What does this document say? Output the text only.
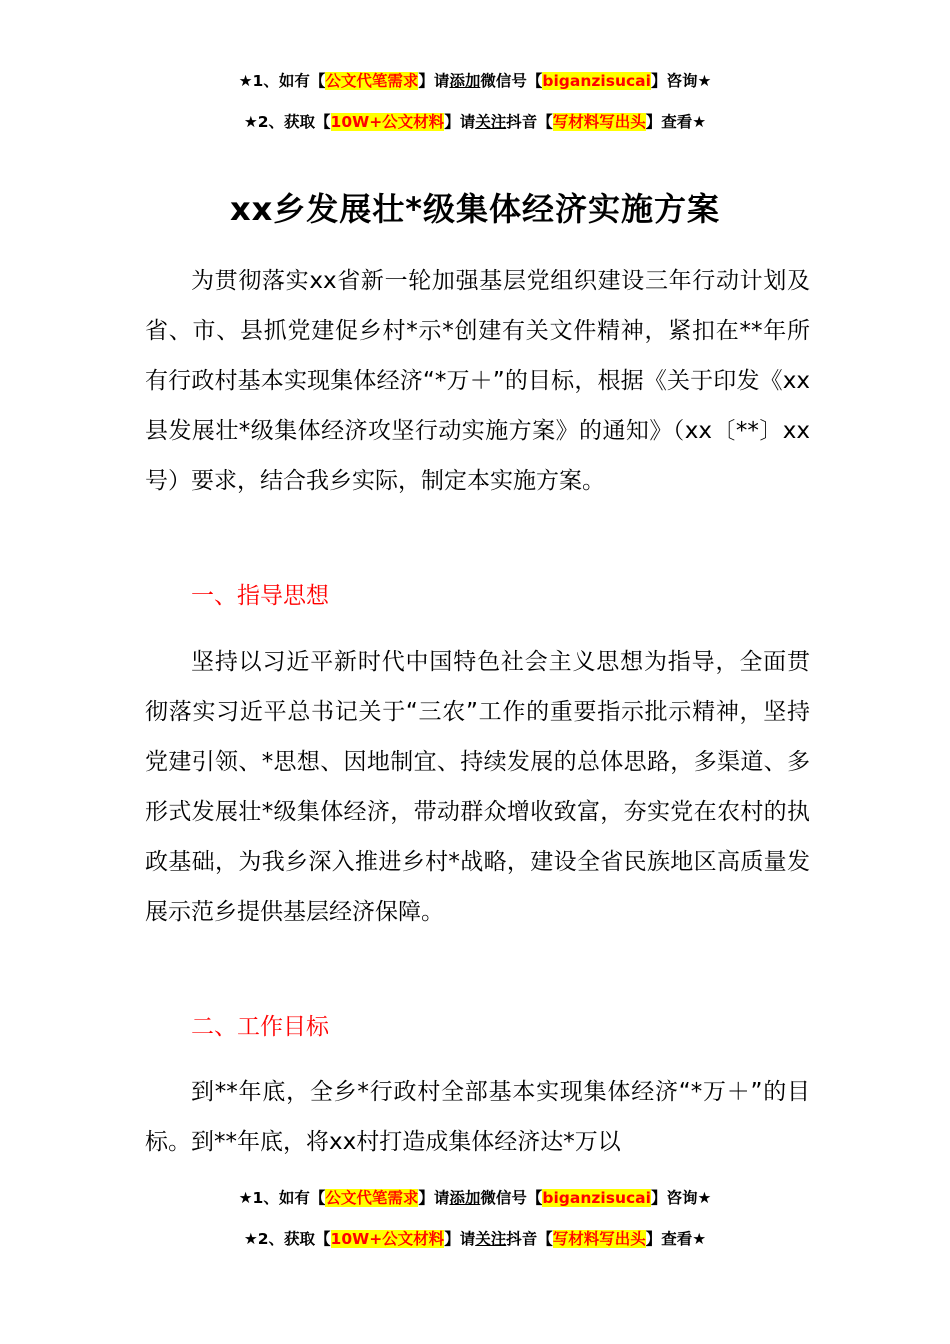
★1、如有【公文代笔需求】请添加微信号【biganzisucai】咨询★
★2、获取【10W+公文材料】请关注抖音【写材料写出头】查看★
xx乡发展壮*级集体经济实施方案

为贯彻落实xx省新一轮加强基层党组织建设三年行动计划及省、市、县抓党建促乡村*示*创建有关文件精神，紧扣在**年所有行政村基本实现集体经济“*万＋”的目标，根据《关于印发《xx县发展壮*级集体经济攻坚行动实施方案》的通知》（xx〔**〕xx号）要求，结合我乡实际，制定本实施方案。

一、指导思想

坚持以习近平新时代中国特色社会主义思想为指导，全面贯彻落实习近平总书记关于“三农”工作的重要指示批示精神，坚持党建引领、*思想、因地制宜、持续发展的总体思路，多渠道、多形式发展壮*级集体经济，带动群众增收致富，夯实党在农村的执政基础，为我乡深入推进乡村*战略，建设全省民族地区高质量发展示范乡提供基层经济保障。

二、工作目标

到**年底，全乡*行政村全部基本实现集体经济“*万＋”的目标。到**年底，将xx村打造成集体经济达*万以

★1、如有【公文代笔需求】请添加微信号【biganzisucai】咨询★
★2、获取【10W+公文材料】请关注抖音【写材料写出头】查看★
